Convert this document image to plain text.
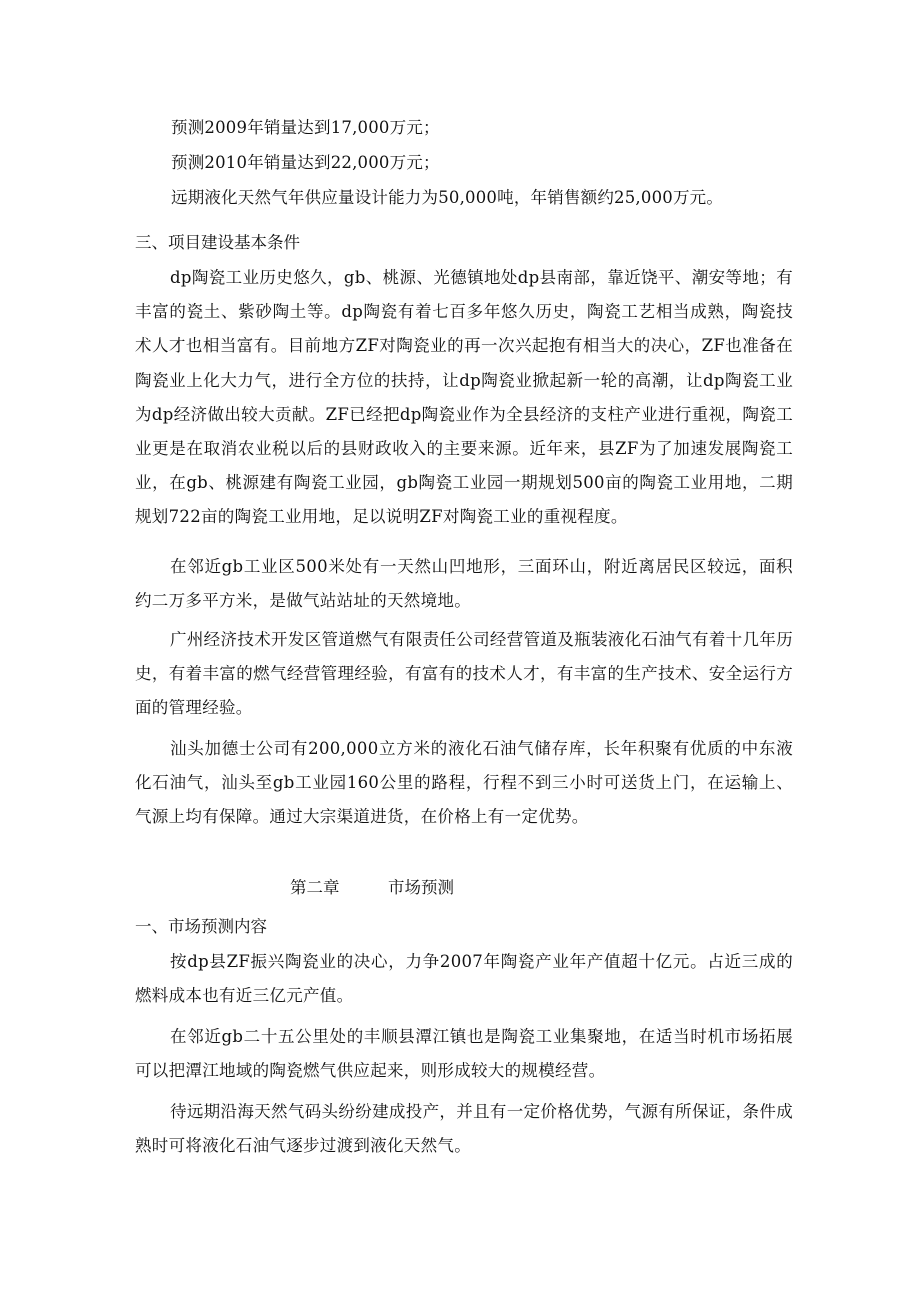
预测2009年销量达到17,000万元；
预测2010年销量达到22,000万元；
远期液化天然气年供应量设计能力为50,000吨，年销售额约25,000万元。
三、项目建设基本条件

dp陶瓷工业历史悠久，gb、桃源、光德镇地处dp县南部，靠近饶平、潮安等地；有丰富的瓷土、紫砂陶土等。dp陶瓷有着七百多年悠久历史，陶瓷工艺相当成熟，陶瓷技术人才也相当富有。目前地方ZF对陶瓷业的再一次兴起抱有相当大的决心，ZF也准备在陶瓷业上化大力气，进行全方位的扶持，让dp陶瓷业掀起新一轮的高潮，让dp陶瓷工业为dp经济做出较大贡献。ZF已经把dp陶瓷业作为全县经济的支柱产业进行重视，陶瓷工业更是在取消农业税以后的县财政收入的主要来源。近年来，县ZF为了加速发展陶瓷工业，在gb、桃源建有陶瓷工业园，gb陶瓷工业园一期规划500亩的陶瓷工业用地，二期规划722亩的陶瓷工业用地，足以说明ZF对陶瓷工业的重视程度。

在邻近gb工业区500米处有一天然山凹地形，三面环山，附近离居民区较远，面积约二万多平方米，是做气站站址的天然境地。

广州经济技术开发区管道燃气有限责任公司经营管道及瓶装液化石油气有着十几年历史，有着丰富的燃气经营管理经验，有富有的技术人才，有丰富的生产技术、安全运行方面的管理经验。

汕头加德士公司有200,000立方米的液化石油气储存库，长年积聚有优质的中东液化石油气，汕头至gb工业园160公里的路程，行程不到三小时可送货上门，在运输上、气源上均有保障。通过大宗渠道进货，在价格上有一定优势。

第二章	市场预测
一、市场预测内容

按dp县ZF振兴陶瓷业的决心，力争2007年陶瓷产业年产值超十亿元。占近三成的燃料成本也有近三亿元产值。

在邻近gb二十五公里处的丰顺县潭江镇也是陶瓷工业集聚地，在适当时机市场拓展可以把潭江地域的陶瓷燃气供应起来，则形成较大的规模经营。

待远期沿海天然气码头纷纷建成投产，并且有一定价格优势，气源有所保证，条件成熟时可将液化石油气逐步过渡到液化天然气。
